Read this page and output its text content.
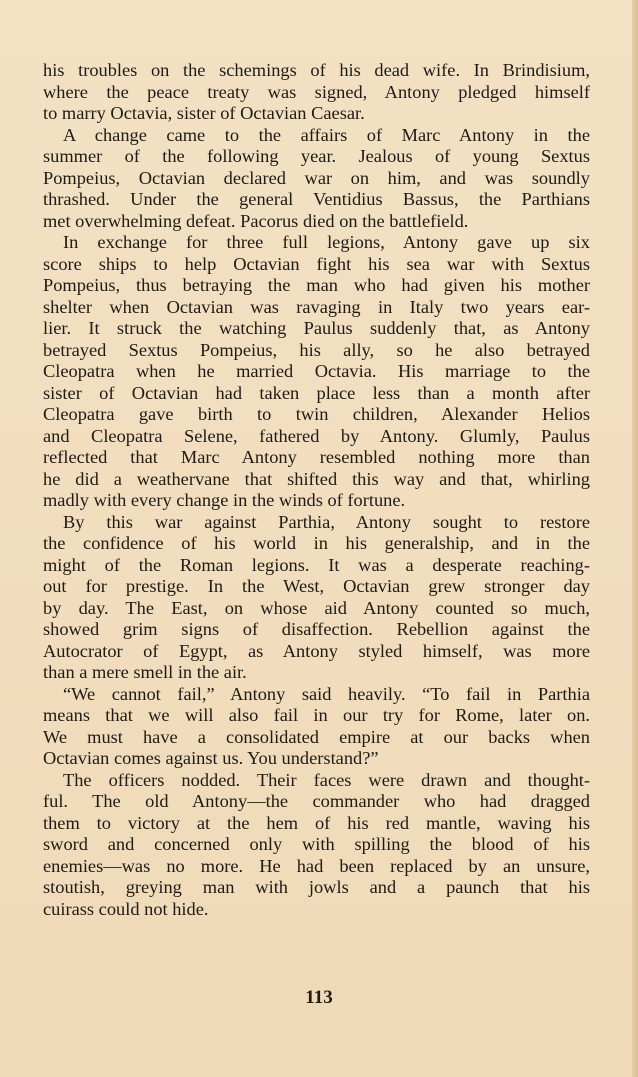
his troubles on the schemings of his dead wife. In Brindisium,
where the peace treaty was signed, Antony pledged himself
to marry Octavia, sister of Octavian Caesar.
A change came to the affairs of Marc Antony in the
summer of the following year. Jealous of young Sextus
Pompeius, Octavian declared war on him, and was soundly
thrashed. Under the general Ventidius Bassus, the Parthians
met overwhelming defeat. Pacorus died on the battlefield.
In exchange for three full legions, Antony gave up six
score ships to help Octavian fight his sea war with Sextus
Pompeius, thus betraying the man who had given his mother
shelter when Octavian was ravaging in Italy two years ear-
lier. It struck the watching Paulus suddenly that, as Antony
betrayed Sextus Pompeius, his ally, so he also betrayed
Cleopatra when he married Octavia. His marriage to the
sister of Octavian had taken place less than a month after
Cleopatra gave birth to twin children, Alexander Helios
and Cleopatra Selene, fathered by Antony. Glumly, Paulus
reflected that Marc Antony resembled nothing more than
he did a weathervane that shifted this way and that, whirling
madly with every change in the winds of fortune.
By this war against Parthia, Antony sought to restore
the confidence of his world in his generalship, and in the
might of the Roman legions. It was a desperate reaching-
out for prestige. In the West, Octavian grew stronger day
by day. The East, on whose aid Antony counted so much,
showed grim signs of disaffection. Rebellion against the
Autocrator of Egypt, as Antony styled himself, was more
than a mere smell in the air.
“We cannot fail,” Antony said heavily. “To fail in Parthia
means that we will also fail in our try for Rome, later on.
We must have a consolidated empire at our backs when
Octavian comes against us. You understand?”
The officers nodded. Their faces were drawn and thought-
ful. The old Antony—the commander who had dragged
them to victory at the hem of his red mantle, waving his
sword and concerned only with spilling the blood of his
enemies—was no more. He had been replaced by an unsure,
stoutish, greying man with jowls and a paunch that his
cuirass could not hide.
113
